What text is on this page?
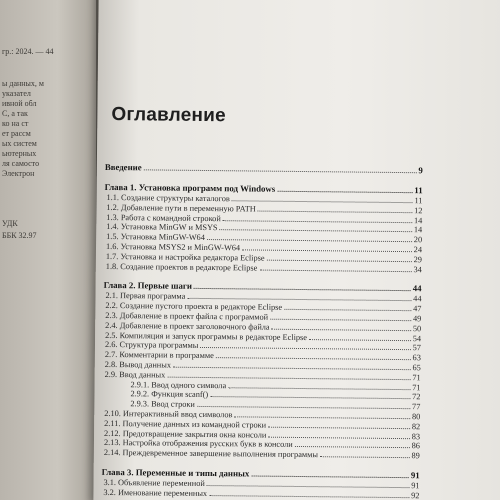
гр.: 2024. — 44
ы данных, м
указател
ивной обл
С, а так
ко на ст
ет рассм
ых систем
ьютерных
ля самосто
Электрон
УДК
ББК 32.97
Оглавление
Введение	9
Глава 1. Установка программ под Windows	11
1.1. Создание структуры каталогов	11
1.2. Добавление пути в переменную PATH	12
1.3. Работа с командной строкой	14
1.4. Установка MinGW и MSYS	14
1.5. Установка MinGW-W64	20
1.6. Установка MSYS2 и MinGW-W64	24
1.7. Установка и настройка редактора Eclipse	29
1.8. Создание проектов в редакторе Eclipse	34
Глава 2. Первые шаги	44
2.1. Первая программа	44
2.2. Создание пустого проекта в редакторе Eclipse	47
2.3. Добавление в проект файла с программой	49
2.4. Добавление в проект заголовочного файла	50
2.5. Компиляция и запуск программы в редакторе Eclipse	54
2.6. Структура программы	57
2.7. Комментарии в программе	63
2.8. Вывод данных	65
2.9. Ввод данных	71
2.9.1. Ввод одного символа	71
2.9.2. Функция scanf()	72
2.9.3. Ввод строки	77
2.10. Интерактивный ввод символов	80
2.11. Получение данных из командной строки	82
2.12. Предотвращение закрытия окна консоли	83
2.13. Настройка отображения русских букв в консоли	86
2.14. Преждевременное завершение выполнения программы	89
Глава 3. Переменные и типы данных	91
3.1. Объявление переменной	91
3.2. Именование переменных	92
